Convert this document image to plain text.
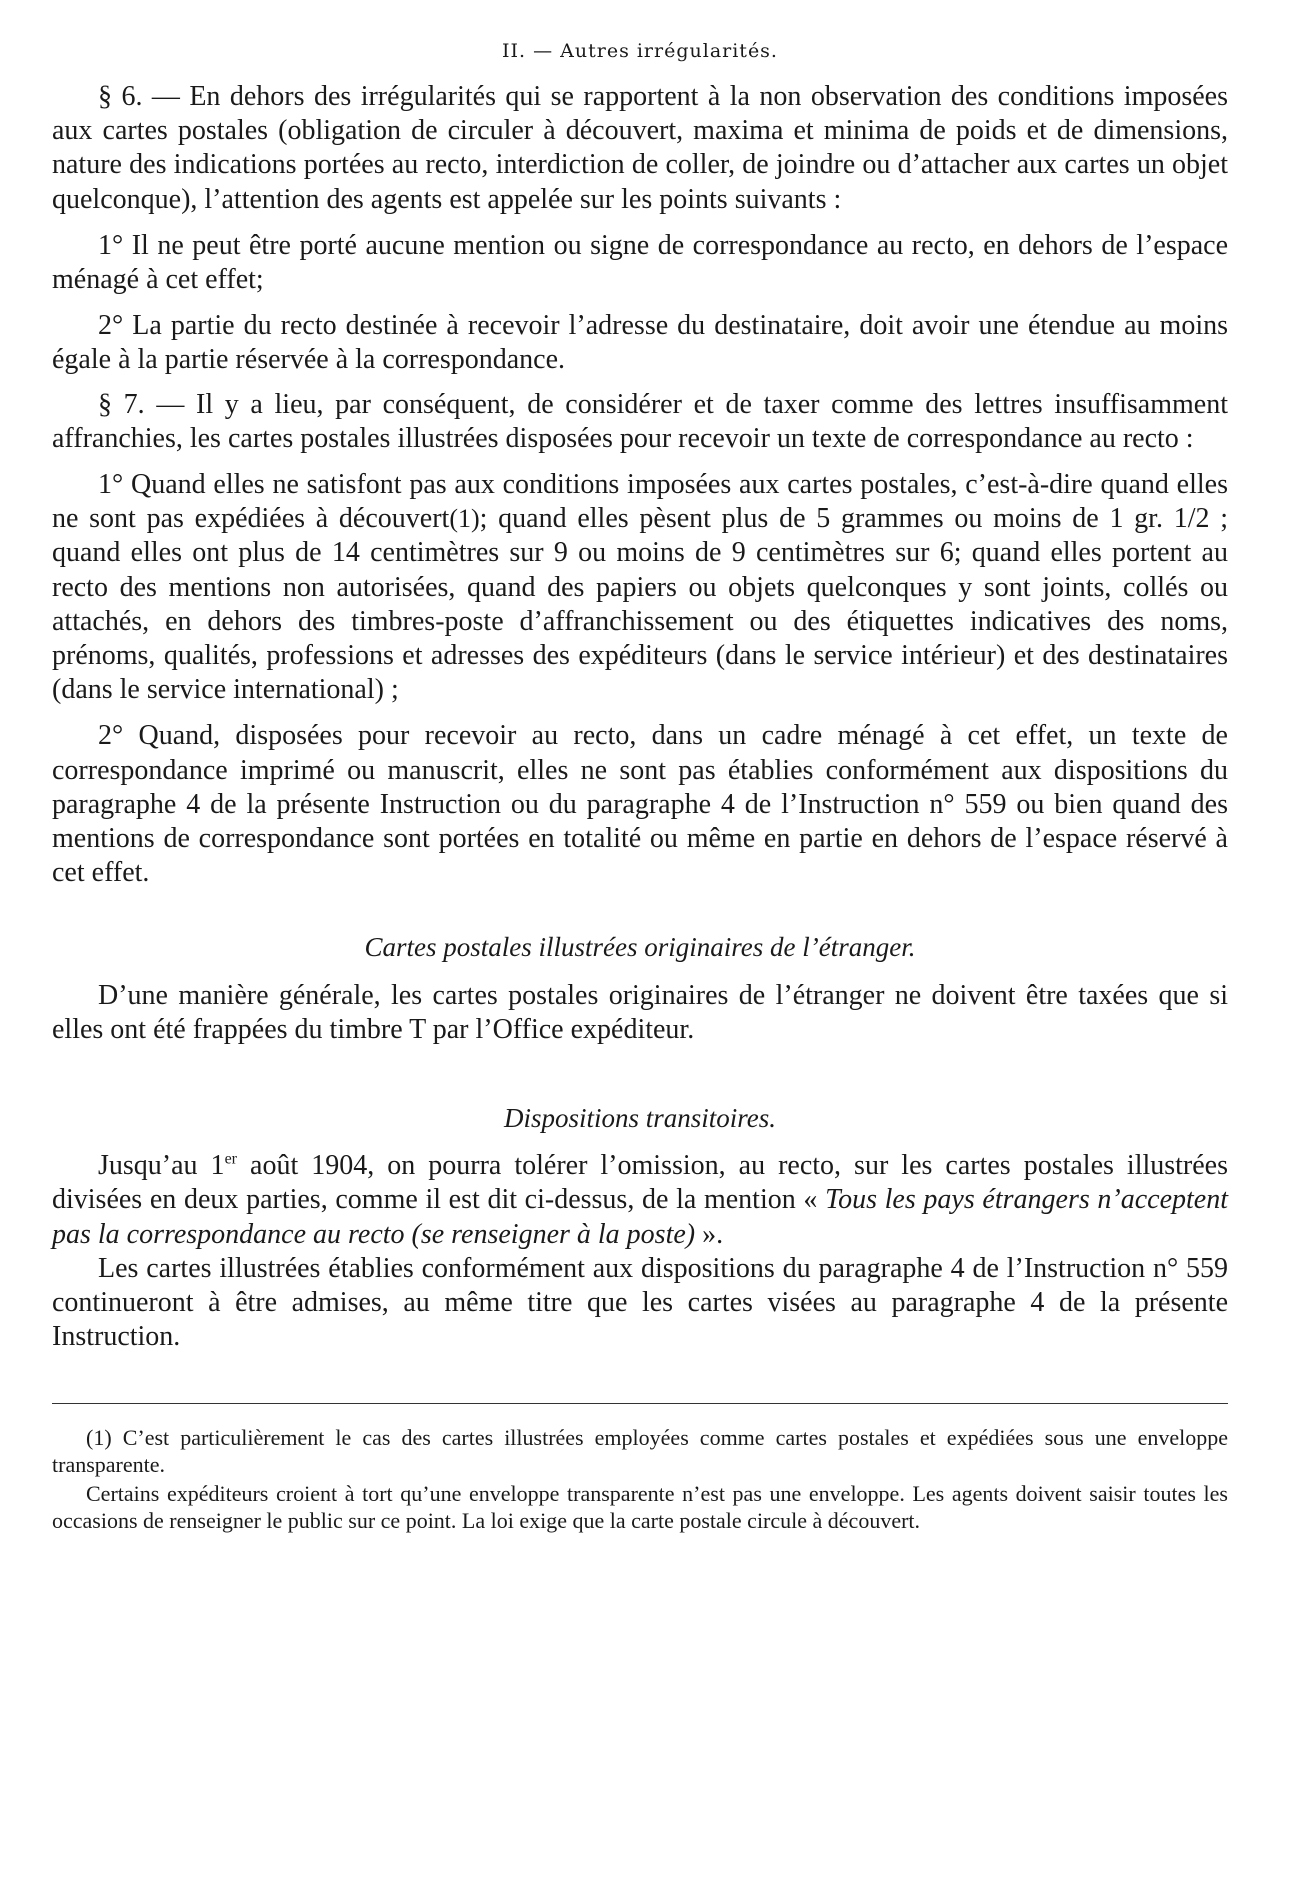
II. — Autres irrégularités.

§ 6. — En dehors des irrégularités qui se rapportent à la non observation des conditions imposées aux cartes postales (obligation de circuler à découvert, maxima et minima de poids et de dimensions, nature des indications portées au recto, interdiction de coller, de joindre ou d’attacher aux cartes un objet quelconque), l’attention des agents est appelée sur les points suivants :

1° Il ne peut être porté aucune mention ou signe de correspondance au recto, en dehors de l’espace ménagé à cet effet;

2° La partie du recto destinée à recevoir l’adresse du destinataire, doit avoir une étendue au moins égale à la partie réservée à la correspondance.

§ 7. — Il y a lieu, par conséquent, de considérer et de taxer comme des lettres insuffisamment affranchies, les cartes postales illustrées disposées pour recevoir un texte de correspondance au recto :

1° Quand elles ne satisfont pas aux conditions imposées aux cartes postales, c’est-à-dire quand elles ne sont pas expédiées à découvert(1); quand elles pèsent plus de 5 grammes ou moins de 1 gr. 1/2 ; quand elles ont plus de 14 centimètres sur 9 ou moins de 9 centimètres sur 6; quand elles portent au recto des mentions non autorisées, quand des papiers ou objets quelconques y sont joints, collés ou attachés, en dehors des timbres-poste d’affranchissement ou des étiquettes indicatives des noms, prénoms, qualités, professions et adresses des expéditeurs (dans le service intérieur) et des destinataires (dans le service international) ;

2° Quand, disposées pour recevoir au recto, dans un cadre ménagé à cet effet, un texte de correspondance imprimé ou manuscrit, elles ne sont pas établies conformément aux dispositions du paragraphe 4 de la présente Instruction ou du paragraphe 4 de l’Instruction n° 559 ou bien quand des mentions de correspondance sont portées en totalité ou même en partie en dehors de l’espace réservé à cet effet.

Cartes postales illustrées originaires de l’étranger.

D’une manière générale, les cartes postales originaires de l’étranger ne doivent être taxées que si elles ont été frappées du timbre T par l’Office expéditeur.

Dispositions transitoires.

Jusqu’au 1er août 1904, on pourra tolérer l’omission, au recto, sur les cartes postales illustrées divisées en deux parties, comme il est dit ci-dessus, de la mention « Tous les pays étrangers n’acceptent pas la correspondance au recto (se renseigner à la poste) ».

Les cartes illustrées établies conformément aux dispositions du paragraphe 4 de l’Instruction n° 559 continueront à être admises, au même titre que les cartes visées au paragraphe 4 de la présente Instruction.

(1) C’est particulièrement le cas des cartes illustrées employées comme cartes postales et expédiées sous une enveloppe transparente.

Certains expéditeurs croient à tort qu’une enveloppe transparente n’est pas une enveloppe. Les agents doivent saisir toutes les occasions de renseigner le public sur ce point. La loi exige que la carte postale circule à découvert.
